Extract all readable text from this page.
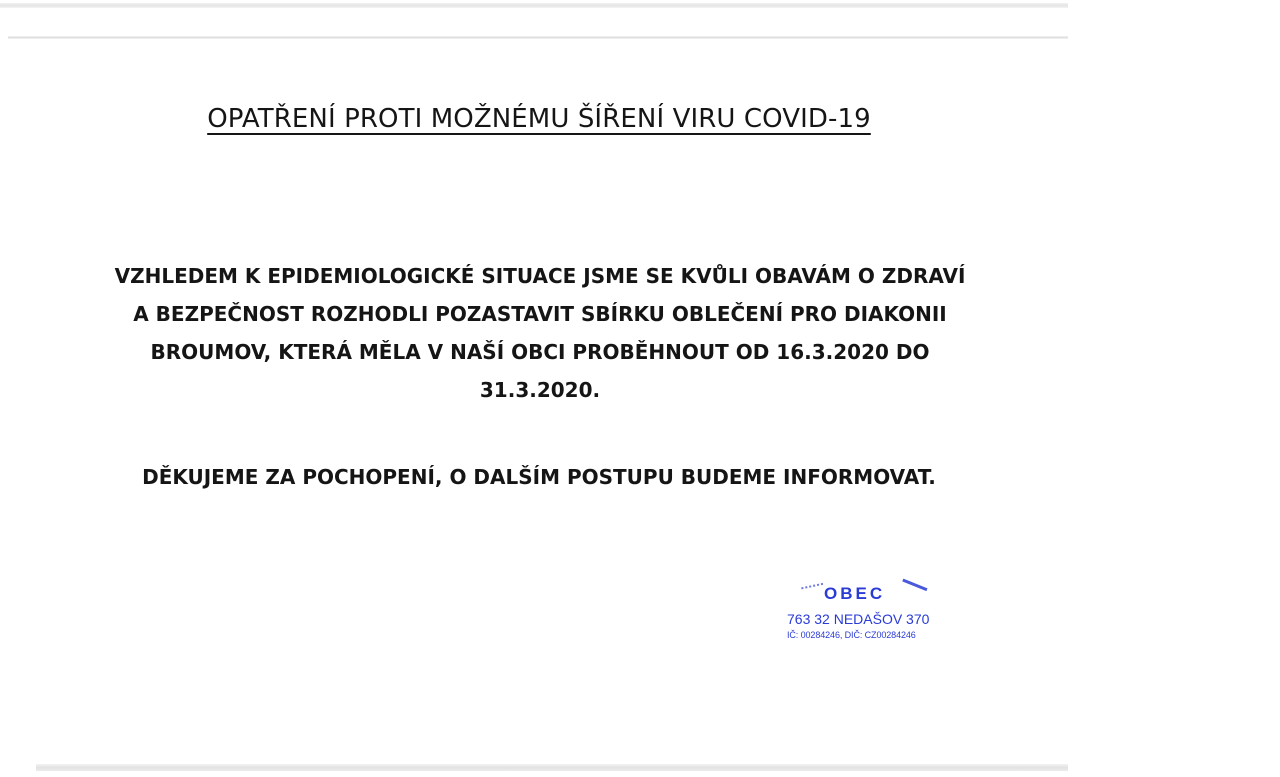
OPATŘENÍ PROTI MOŽNÉMU ŠÍŘENÍ VIRU COVID-19

VZHLEDEM K EPIDEMIOLOGICKÉ SITUACE JSME SE KVŮLI OBAVÁM O ZDRAVÍ
A BEZPEČNOST ROZHODLI POZASTAVIT SBÍRKU OBLEČENÍ PRO DIAKONII
BROUMOV, KTERÁ MĚLA V NAŠÍ OBCI PROBĚHNOUT OD 16.3.2020 DO
31.3.2020.

DĚKUJEME ZA POCHOPENÍ, O DALŠÍM POSTUPU BUDEME INFORMOVAT.

OBEC
763 32 NEDAŠOV 370
IČ: 00284246, DIČ: CZ00284246
